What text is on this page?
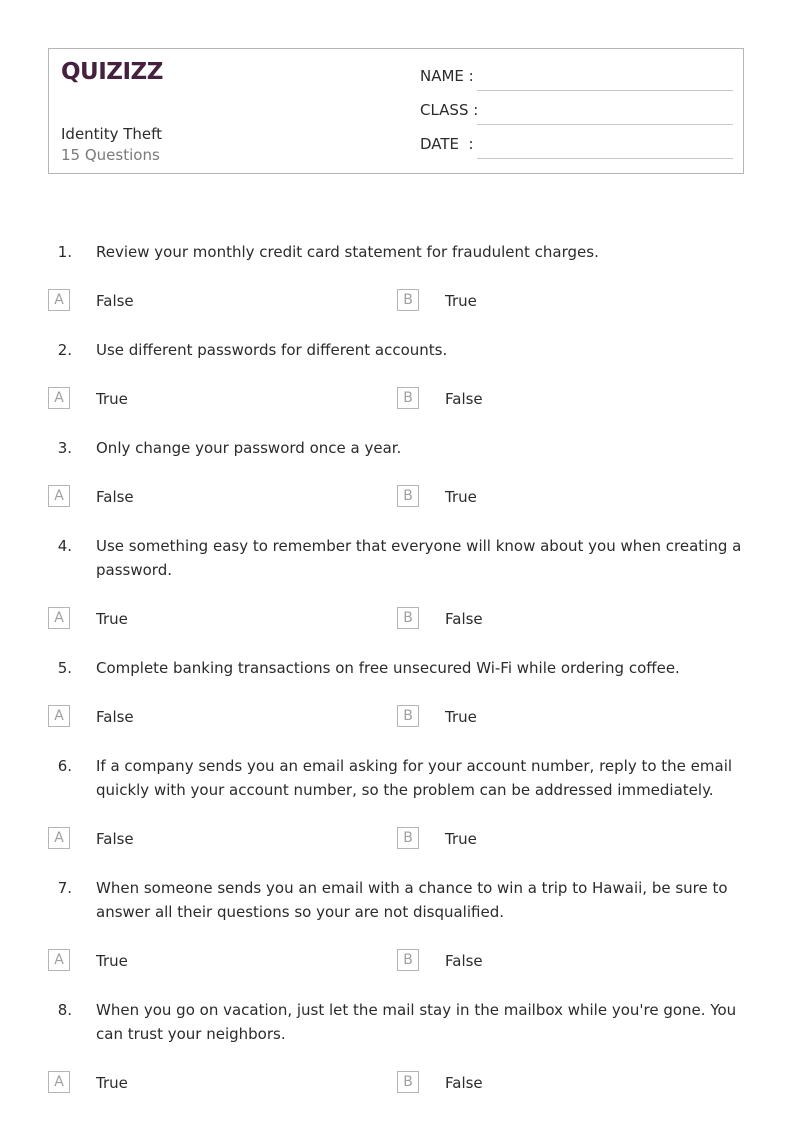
QUIZIZZ
Identity Theft
15 Questions
NAME :
CLASS :
DATE  :
1. Review your monthly credit card statement for fraudulent charges.
A	False	B	True
2. Use different passwords for different accounts.
A	True	B	False
3. Only change your password once a year.
A	False	B	True
4. Use something easy to remember that everyone will know about you when creating a password.
A	True	B	False
5. Complete banking transactions on free unsecured Wi-Fi while ordering coffee.
A	False	B	True
6. If a company sends you an email asking for your account number, reply to the email quickly with your account number, so the problem can be addressed immediately.
A	False	B	True
7. When someone sends you an email with a chance to win a trip to Hawaii, be sure to answer all their questions so your are not disqualified.
A	True	B	False
8. When you go on vacation, just let the mail stay in the mailbox while you're gone. You can trust your neighbors.
A	True	B	False
